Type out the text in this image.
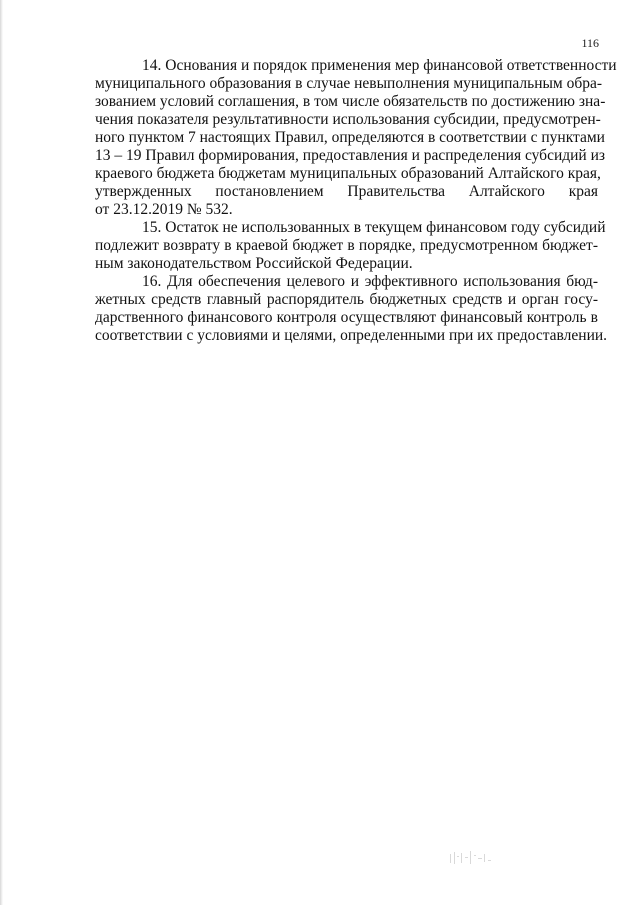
116
14. Основания и порядок применения мер финансовой ответственности
муниципального образования в случае невыполнения муниципальным обра-
зованием условий соглашения, в том числе обязательств по достижению зна-
чения показателя результативности использования субсидии, предусмотрен-
ного пунктом 7 настоящих Правил, определяются в соответствии с пунктами
13 – 19 Правил формирования, предоставления и распределения субсидий из
краевого бюджета бюджетам муниципальных образований Алтайского края,
утвержденных постановлением Правительства Алтайского края
от 23.12.2019 № 532.
15. Остаток не использованных в текущем финансовом году субсидий
подлежит возврату в краевой бюджет в порядке, предусмотренном бюджет-
ным законодательством Российской Федерации.
16. Для обеспечения целевого и эффективного использования бюд-
жетных средств главный распорядитель бюджетных средств и орган госу-
дарственного финансового контроля осуществляют финансовый контроль в
соответствии с условиями и целями, определенными при их предоставлении.
